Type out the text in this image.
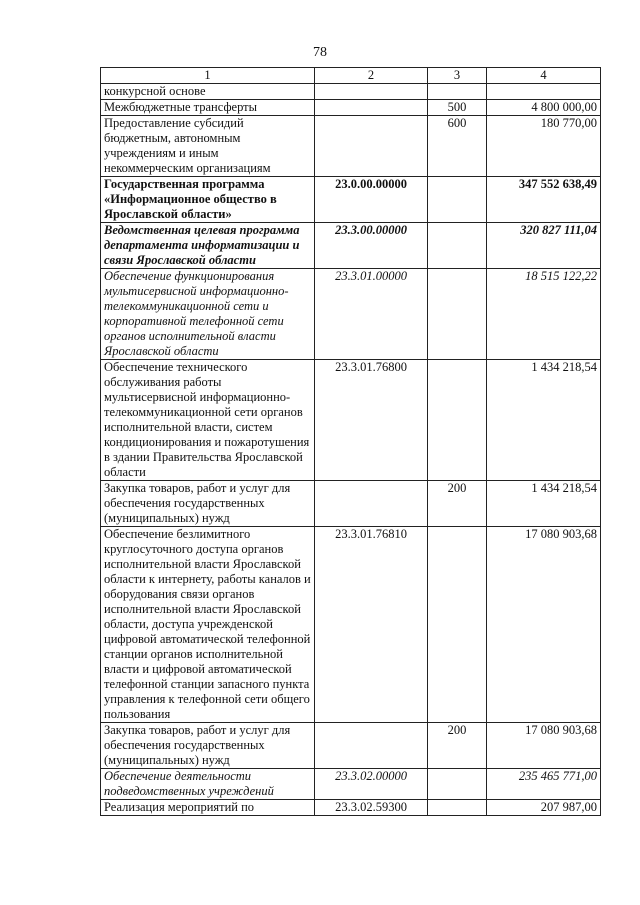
78
1	2	3	4
конкурсной основе			
Межбюджетные трансферты		500	4 800 000,00
Предоставление субсидий бюджетным, автономным учреждениям и иным некоммерческим организациям		600	180 770,00
Государственная программа «Информационное общество в Ярославской области»	23.0.00.00000		347 552 638,49
Ведомственная целевая программа департамента информатизации и связи Ярославской области	23.3.00.00000		320 827 111,04
Обеспечение функционирования мультисервисной информационно-телекоммуникационной сети и корпоративной телефонной сети органов исполнительной власти Ярославской области	23.3.01.00000		18 515 122,22
Обеспечение технического обслуживания работы мультисервисной информационно-телекоммуникационной сети органов исполнительной власти, систем кондиционирования и пожаротушения в здании Правительства Ярославской области	23.3.01.76800		1 434 218,54
Закупка товаров, работ и услуг для обеспечения государственных (муниципальных) нужд		200	1 434 218,54
Обеспечение безлимитного круглосуточного доступа органов исполнительной власти Ярославской области к интернету, работы каналов и оборудования связи органов исполнительной власти Ярославской области, доступа учрежденской цифровой автоматической телефонной станции органов исполнительной власти и цифровой автоматической телефонной станции запасного пункта управления к телефонной сети общего пользования	23.3.01.76810		17 080 903,68
Закупка товаров, работ и услуг для обеспечения государственных (муниципальных) нужд		200	17 080 903,68
Обеспечение деятельности подведомственных учреждений	23.3.02.00000		235 465 771,00
Реализация мероприятий по	23.3.02.59300		207 987,00
